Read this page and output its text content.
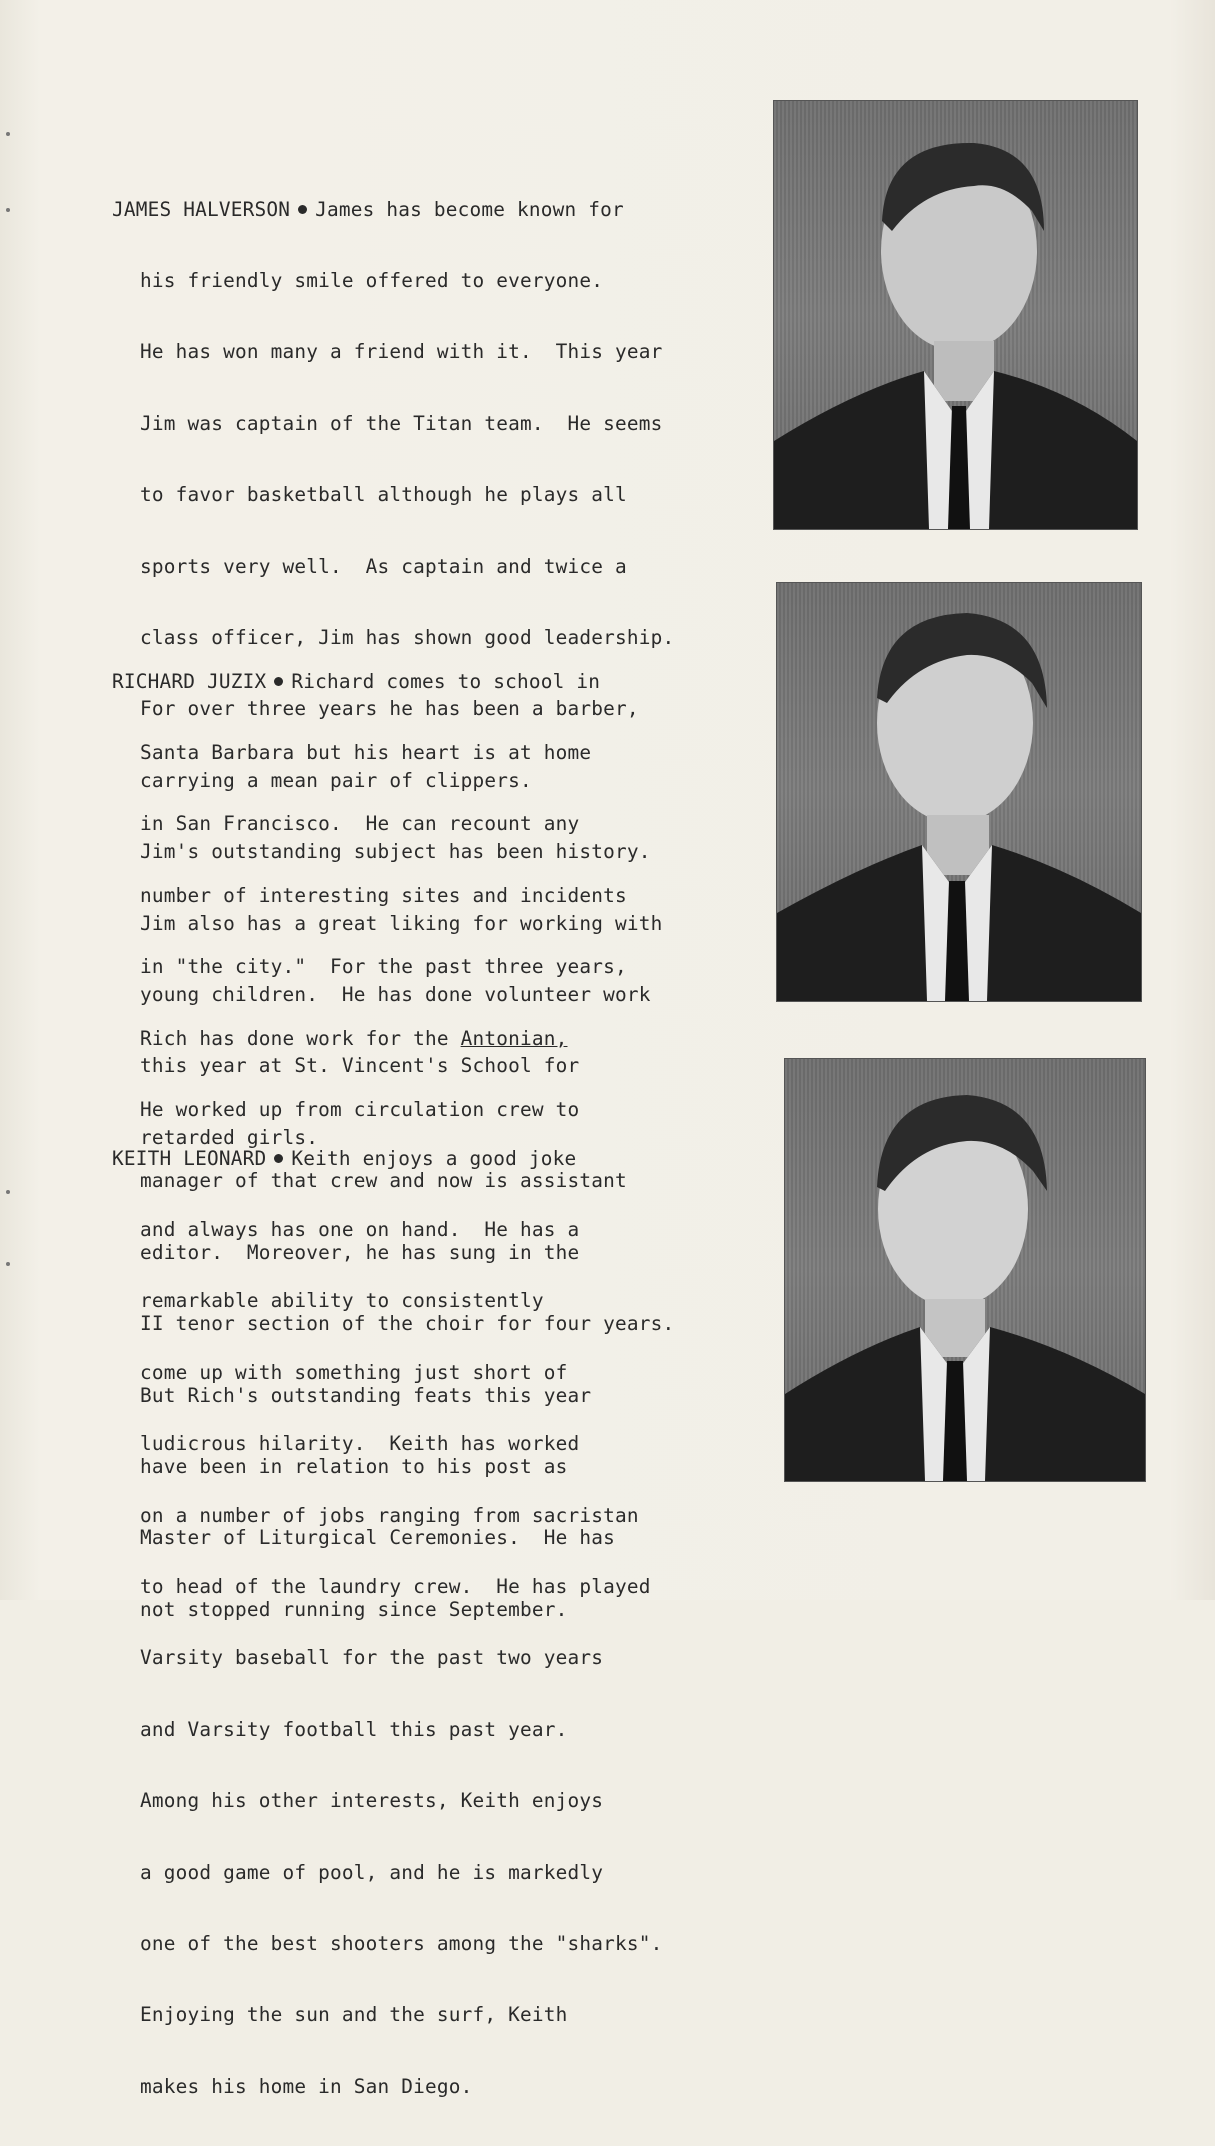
JAMES HALVERSON James has become known for

his friendly smile offered to everyone.

He has won many a friend with it.  This year

Jim was captain of the Titan team.  He seems

to favor basketball although he plays all

sports very well.  As captain and twice a

class officer, Jim has shown good leadership.

For over three years he has been a barber,

carrying a mean pair of clippers.

Jim's outstanding subject has been history.

Jim also has a great liking for working with

young children.  He has done volunteer work

this year at St. Vincent's School for

retarded girls.

RICHARD JUZIX Richard comes to school in

Santa Barbara but his heart is at home

in San Francisco.  He can recount any

number of interesting sites and incidents

in "the city."  For the past three years,

Rich has done work for the Antonian,

He worked up from circulation crew to

manager of that crew and now is assistant

editor.  Moreover, he has sung in the

II tenor section of the choir for four years.

But Rich's outstanding feats this year

have been in relation to his post as

Master of Liturgical Ceremonies.  He has

not stopped running since September.

KEITH LEONARD Keith enjoys a good joke

and always has one on hand.  He has a

remarkable ability to consistently

come up with something just short of

ludicrous hilarity.  Keith has worked

on a number of jobs ranging from sacristan

to head of the laundry crew.  He has played

Varsity baseball for the past two years

and Varsity football this past year.

Among his other interests, Keith enjoys

a good game of pool, and he is markedly

one of the best shooters among the "sharks".

Enjoying the sun and the surf, Keith

makes his home in San Diego.
